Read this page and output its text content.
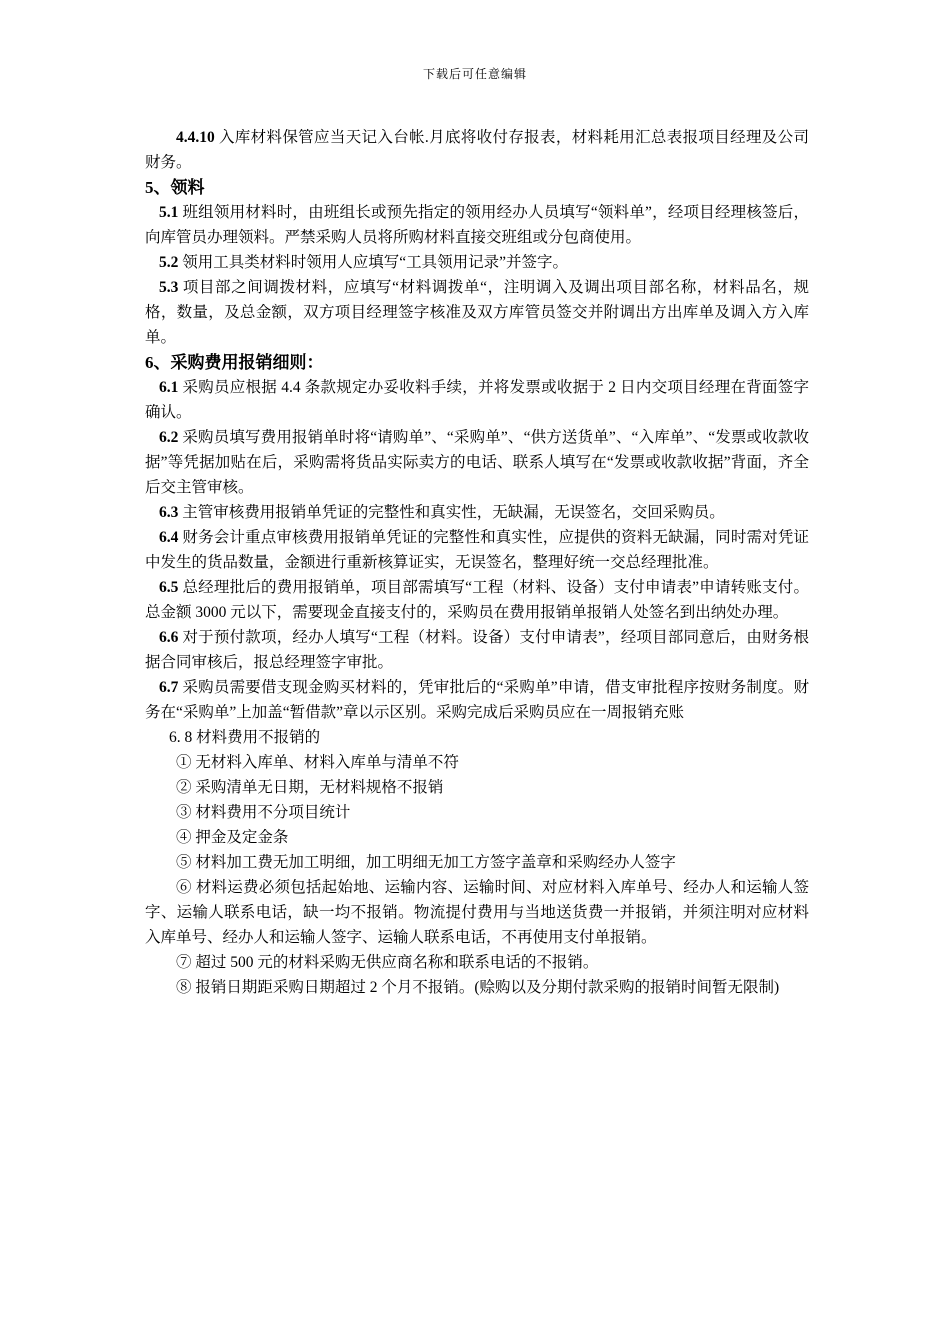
下载后可任意编辑

4.4.10 入库材料保管应当天记入台帐.月底将收付存报表，材料耗用汇总表报项目经理及公司财务。

5、领料

5.1 班组领用材料时，由班组长或预先指定的领用经办人员填写“领料单”，经项目经理核签后，向库管员办理领料。严禁采购人员将所购材料直接交班组或分包商使用。

5.2 领用工具类材料时领用人应填写“工具领用记录”并签字。

5.3 项目部之间调拨材料，应填写“材料调拨单“，注明调入及调出项目部名称，材料品名，规格，数量，及总金额，双方项目经理签字核准及双方库管员签交并附调出方出库单及调入方入库单。

6、采购费用报销细则：

6.1 采购员应根据 4.4 条款规定办妥收料手续，并将发票或收据于 2 日内交项目经理在背面签字确认。

6.2 采购员填写费用报销单时将“请购单”、“采购单”、“供方送货单”、“入库单”、“发票或收款收据”等凭据加贴在后，采购需将货品实际卖方的电话、联系人填写在“发票或收款收据”背面，齐全后交主管审核。

6.3 主管审核费用报销单凭证的完整性和真实性，无缺漏，无误签名，交回采购员。

6.4 财务会计重点审核费用报销单凭证的完整性和真实性，应提供的资料无缺漏，同时需对凭证中发生的货品数量，金额进行重新核算证实，无误签名，整理好统一交总经理批准。

6.5 总经理批后的费用报销单，项目部需填写“工程（材料、设备）支付申请表”申请转账支付。总金额 3000 元以下，需要现金直接支付的，采购员在费用报销单报销人处签名到出纳处办理。

6.6 对于预付款项，经办人填写“工程（材料。设备）支付申请表”，经项目部同意后，由财务根据合同审核后，报总经理签字审批。

6.7 采购员需要借支现金购买材料的，凭审批后的“采购单”申请，借支审批程序按财务制度。财务在“采购单”上加盖“暂借款”章以示区别。采购完成后采购员应在一周报销充账

6. 8 材料费用不报销的

① 无材料入库单、材料入库单与清单不符

② 采购清单无日期，无材料规格不报销

③ 材料费用不分项目统计

④ 押金及定金条

⑤ 材料加工费无加工明细，加工明细无加工方签字盖章和采购经办人签字

⑥ 材料运费必须包括起始地、运输内容、运输时间、对应材料入库单号、经办人和运输人签字、运输人联系电话，缺一均不报销。物流提付费用与当地送货费一并报销，并须注明对应材料入库单号、经办人和运输人签字、运输人联系电话，不再使用支付单报销。

⑦ 超过 500 元的材料采购无供应商名称和联系电话的不报销。

⑧ 报销日期距采购日期超过 2 个月不报销。(赊购以及分期付款采购的报销时间暂无限制)
